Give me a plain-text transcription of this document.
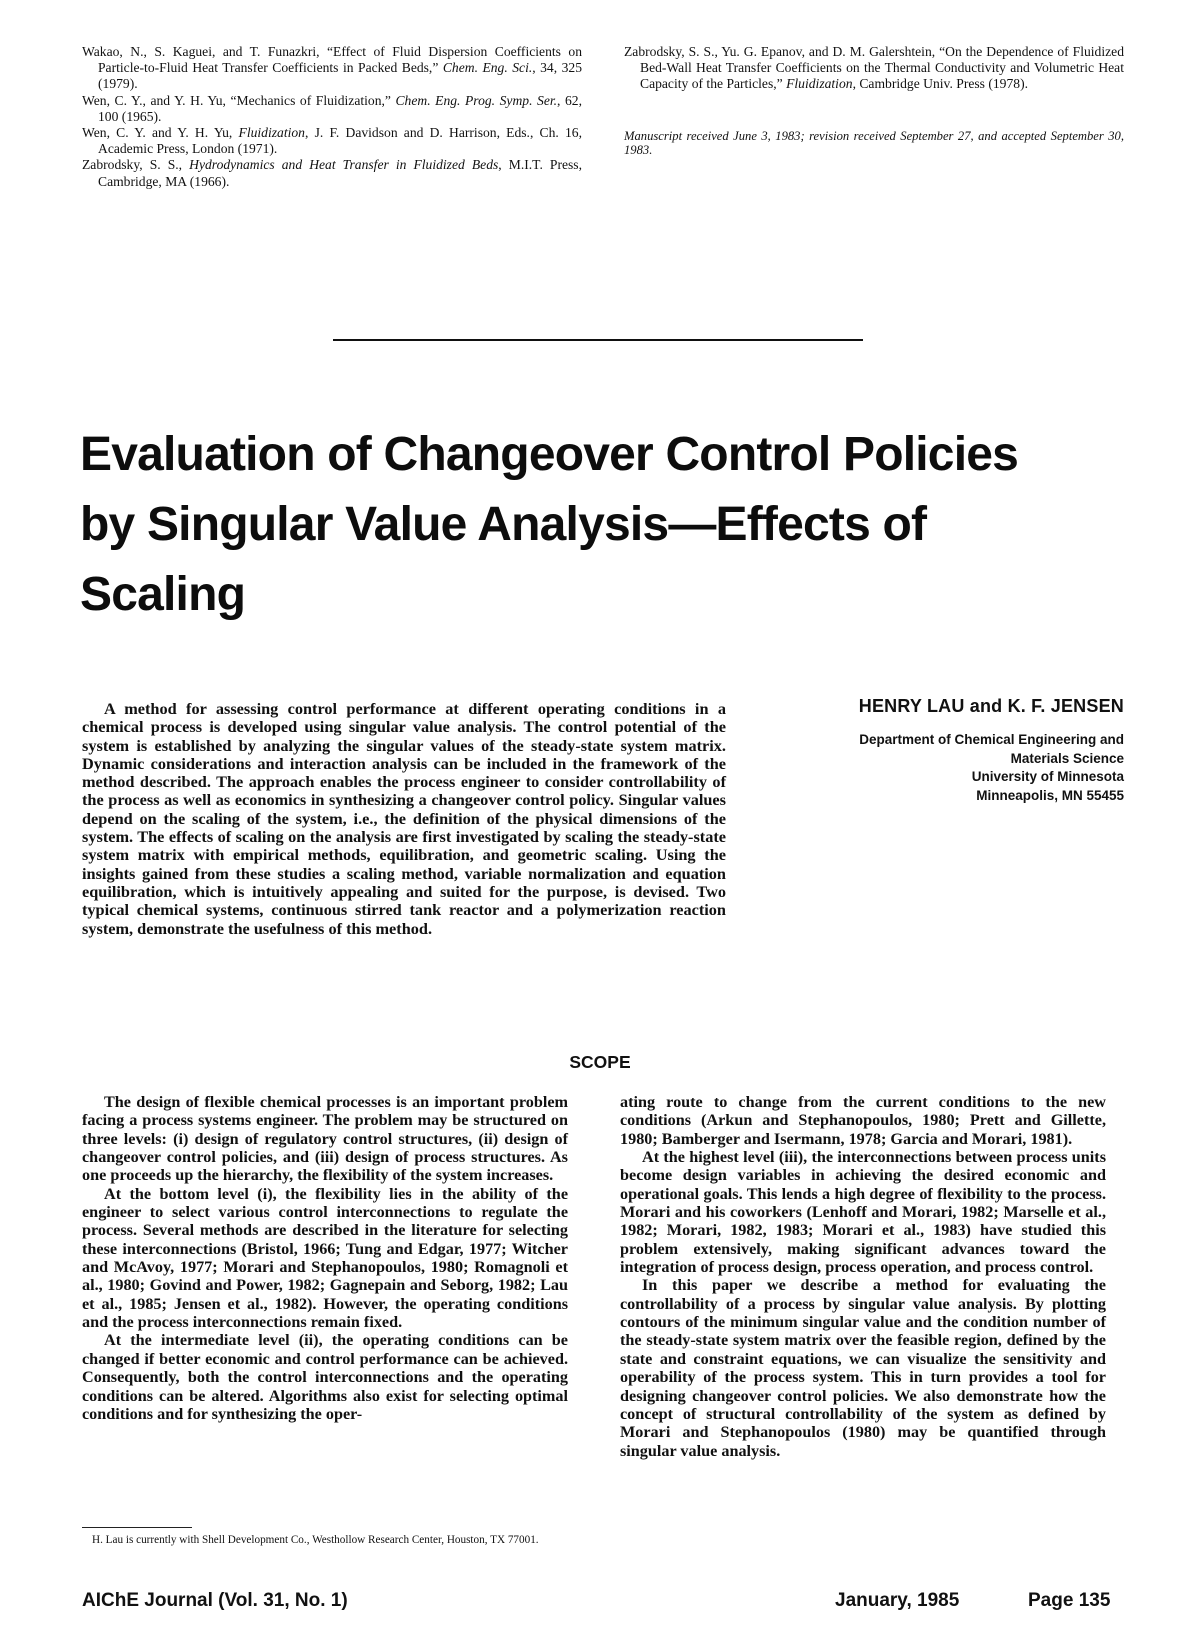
Wakao, N., S. Kaguei, and T. Funazkri, “Effect of Fluid Dispersion Coefficients on Particle-to-Fluid Heat Transfer Coefficients in Packed Beds,” Chem. Eng. Sci., 34, 325 (1979).
Wen, C. Y., and Y. H. Yu, “Mechanics of Fluidization,” Chem. Eng. Prog. Symp. Ser., 62, 100 (1965).
Wen, C. Y. and Y. H. Yu, Fluidization, J. F. Davidson and D. Harrison, Eds., Ch. 16, Academic Press, London (1971).
Zabrodsky, S. S., Hydrodynamics and Heat Transfer in Fluidized Beds, M.I.T. Press, Cambridge, MA (1966).
Zabrodsky, S. S., Yu. G. Epanov, and D. M. Galershtein, “On the Dependence of Fluidized Bed-Wall Heat Transfer Coefficients on the Thermal Conductivity and Volumetric Heat Capacity of the Particles,” Fluidization, Cambridge Univ. Press (1978).
Manuscript received June 3, 1983; revision received September 27, and accepted September 30, 1983.
Evaluation of Changeover Control Policies
by Singular Value Analysis—Effects of
Scaling
A method for assessing control performance at different operating conditions in a chemical process is developed using singular value analysis. The control potential of the system is established by analyzing the singular values of the steady-state system matrix. Dynamic considerations and interaction analysis can be included in the framework of the method described. The approach enables the process engineer to consider controllability of the process as well as economics in synthesizing a changeover control policy. Singular values depend on the scaling of the system, i.e., the definition of the physical dimensions of the system. The effects of scaling on the analysis are first investigated by scaling the steady-state system matrix with empirical methods, equilibration, and geometric scaling. Using the insights gained from these studies a scaling method, variable normalization and equation equilibration, which is intuitively appealing and suited for the purpose, is devised. Two typical chemical systems, continuous stirred tank reactor and a polymerization reaction system, demonstrate the usefulness of this method.
HENRY LAU and K. F. JENSEN
Department of Chemical Engineering and
Materials Science
University of Minnesota
Minneapolis, MN 55455
SCOPE

The design of flexible chemical processes is an important problem facing a process systems engineer. The problem may be structured on three levels: (i) design of regulatory control structures, (ii) design of changeover control policies, and (iii) design of process structures. As one proceeds up the hierarchy, the flexibility of the system increases.

At the bottom level (i), the flexibility lies in the ability of the engineer to select various control interconnections to regulate the process. Several methods are described in the literature for selecting these interconnections (Bristol, 1966; Tung and Edgar, 1977; Witcher and McAvoy, 1977; Morari and Stephanopoulos, 1980; Romagnoli et al., 1980; Govind and Power, 1982; Gagnepain and Seborg, 1982; Lau et al., 1985; Jensen et al., 1982). However, the operating conditions and the process interconnections remain fixed.

At the intermediate level (ii), the operating conditions can be changed if better economic and control performance can be achieved. Consequently, both the control interconnections and the operating conditions can be altered. Algorithms also exist for selecting optimal conditions and for synthesizing the oper-

ating route to change from the current conditions to the new conditions (Arkun and Stephanopoulos, 1980; Prett and Gillette, 1980; Bamberger and Isermann, 1978; Garcia and Morari, 1981).

At the highest level (iii), the interconnections between process units become design variables in achieving the desired economic and operational goals. This lends a high degree of flexibility to the process. Morari and his coworkers (Lenhoff and Morari, 1982; Marselle et al., 1982; Morari, 1982, 1983; Morari et al., 1983) have studied this problem extensively, making significant advances toward the integration of process design, process operation, and process control.

In this paper we describe a method for evaluating the controllability of a process by singular value analysis. By plotting contours of the minimum singular value and the condition number of the steady-state system matrix over the feasible region, defined by the state and constraint equations, we can visualize the sensitivity and operability of the process system. This in turn provides a tool for designing changeover control policies. We also demonstrate how the concept of structural controllability of the system as defined by Morari and Stephanopoulos (1980) may be quantified through singular value analysis.

H. Lau is currently with Shell Development Co., Westhollow Research Center, Houston, TX 77001.
AIChE Journal (Vol. 31, No. 1)	January, 1985	Page 135
